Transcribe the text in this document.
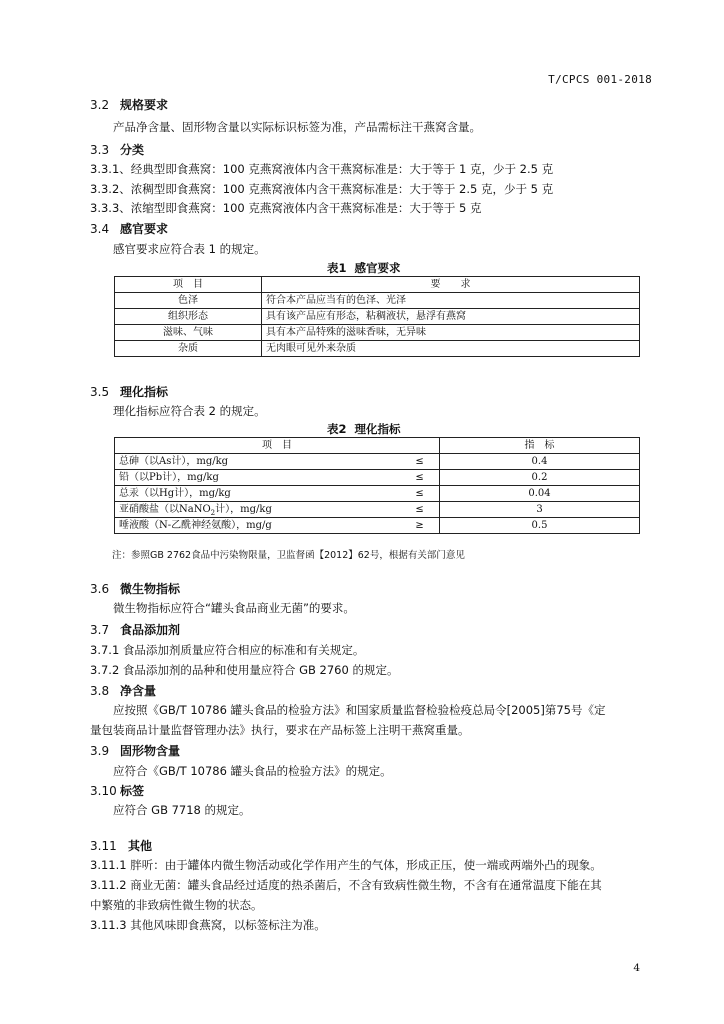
T/CPCS 001-2018
3.2 规格要求
产品净含量、固形物含量以实际标识标签为准，产品需标注干燕窝含量。
3.3 分类
3.3.1、经典型即食燕窝：100 克燕窝液体内含干燕窝标准是：大于等于 1 克，少于 2.5 克
3.3.2、浓稠型即食燕窝：100 克燕窝液体内含干燕窝标准是：大于等于 2.5 克，少于 5 克
3.3.3、浓缩型即食燕窝：100 克燕窝液体内含干燕窝标准是：大于等于 5 克
3.4 感官要求
感官要求应符合表 1 的规定。
表1 感官要求
项　目	要　　求
色泽	符合本产品应当有的色泽、光泽
组织形态	具有该产品应有形态，粘稠液状，悬浮有燕窝
滋味、气味	具有本产品特殊的滋味香味，无异味
杂质	无肉眼可见外来杂质
3.5 理化指标
理化指标应符合表 2 的规定。
表2 理化指标
项　目		指　标
总砷（以As计），mg/kg	≤	0.4
铅（以Pb计），mg/kg	≤	0.2
总汞（以Hg计），mg/kg	≤	0.04
亚硝酸盐（以NaNO$_2$计），mg/kg	≤	3
唾液酸（N-乙酰神经氨酸），mg/g	≥	0.5
注：参照GB 2762食品中污染物限量，卫监督函【2012】62号，根据有关部门意见
3.6 微生物指标
微生物指标应符合“罐头食品商业无菌”的要求。
3.7 食品添加剂
3.7.1 食品添加剂质量应符合相应的标准和有关规定。
3.7.2 食品添加剂的品种和使用量应符合 GB 2760 的规定。
3.8 净含量
应按照《GB/T 10786 罐头食品的检验方法》和国家质量监督检验检疫总局令[2005]第75号《定
量包装商品计量监督管理办法》执行，要求在产品标签上注明干燕窝重量。
3.9 固形物含量
应符合《GB/T 10786 罐头食品的检验方法》的规定。
3.10 标签
应符合 GB 7718 的规定。
3.11 其他
3.11.1 胖听：由于罐体内微生物活动或化学作用产生的气体，形成正压，使一端或两端外凸的现象。
3.11.2 商业无菌：罐头食品经过适度的热杀菌后，不含有致病性微生物，不含有在通常温度下能在其
中繁殖的非致病性微生物的状态。
3.11.3 其他风味即食燕窝，以标签标注为准。
4
